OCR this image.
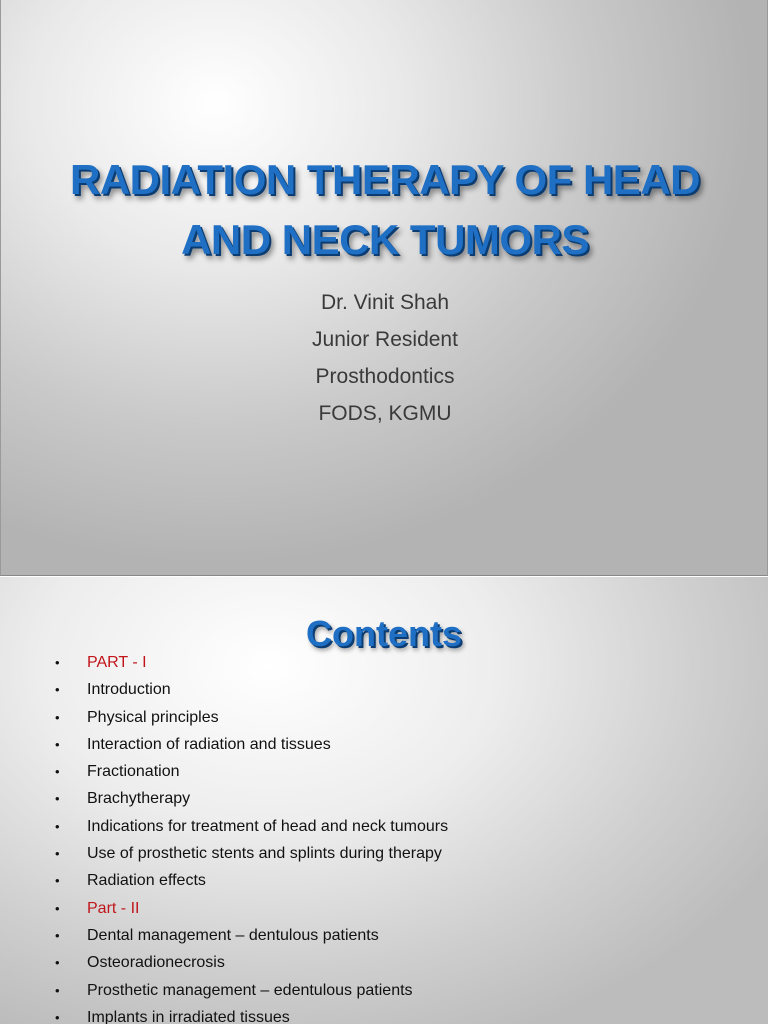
RADIATION THERAPY OF HEAD
AND NECK TUMORS
Dr. Vinit Shah
Junior Resident
Prosthodontics
FODS, KGMU
Contents
• PART - I
• Introduction
• Physical principles
• Interaction of radiation and tissues
• Fractionation
• Brachytherapy
• Indications for treatment of head and neck tumours
• Use of prosthetic stents and splints during therapy
• Radiation effects
• Part - II
• Dental management – dentulous patients
• Osteoradionecrosis
• Prosthetic management – edentulous patients
• Implants in irradiated tissues
